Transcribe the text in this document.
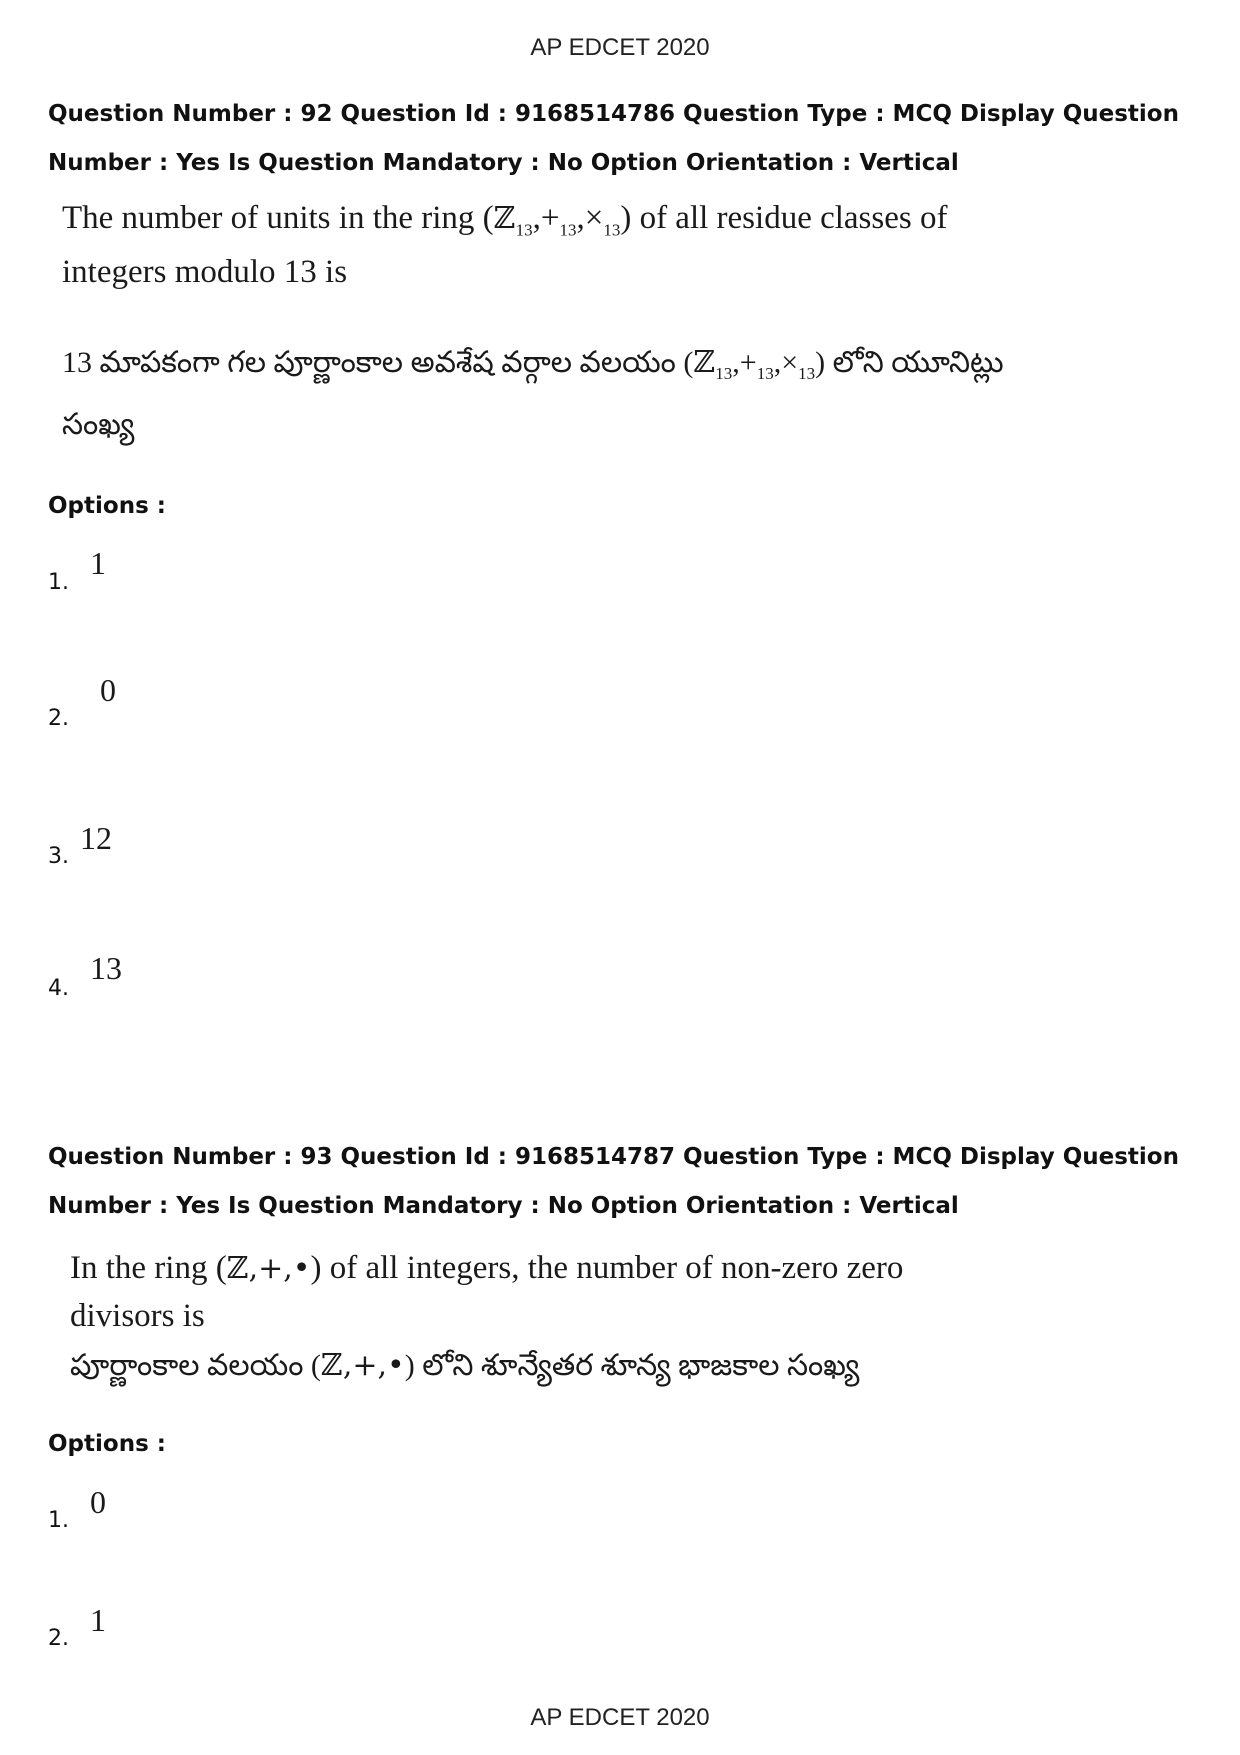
AP EDCET 2020
Question Number : 92 Question Id : 9168514786 Question Type : MCQ Display Question
Number : Yes Is Question Mandatory : No Option Orientation : Vertical
The number of units in the ring $(ℤ_{13},+_{13},\times_{13})$ of all residue classes of
integers modulo 13 is
13 మాపకంగా గల పూర్ణాంకాల అవశేష వర్గాల వలయం $(ℤ_{13},+_{13},\times_{13})$ లోని యూనిట్లు
సంఖ్య
Options :
1.
1
2.
0
3.
12
4.
13
Question Number : 93 Question Id : 9168514787 Question Type : MCQ Display Question
Number : Yes Is Question Mandatory : No Option Orientation : Vertical
In the ring (ℤ,+,•) of all integers, the number of non-zero zero
divisors is
పూర్ణాంకాల వలయం (ℤ,+,•) లోని శూన్యేతర శూన్య భాజకాల సంఖ్య
Options :
1.
0
2.
1
AP EDCET 2020
